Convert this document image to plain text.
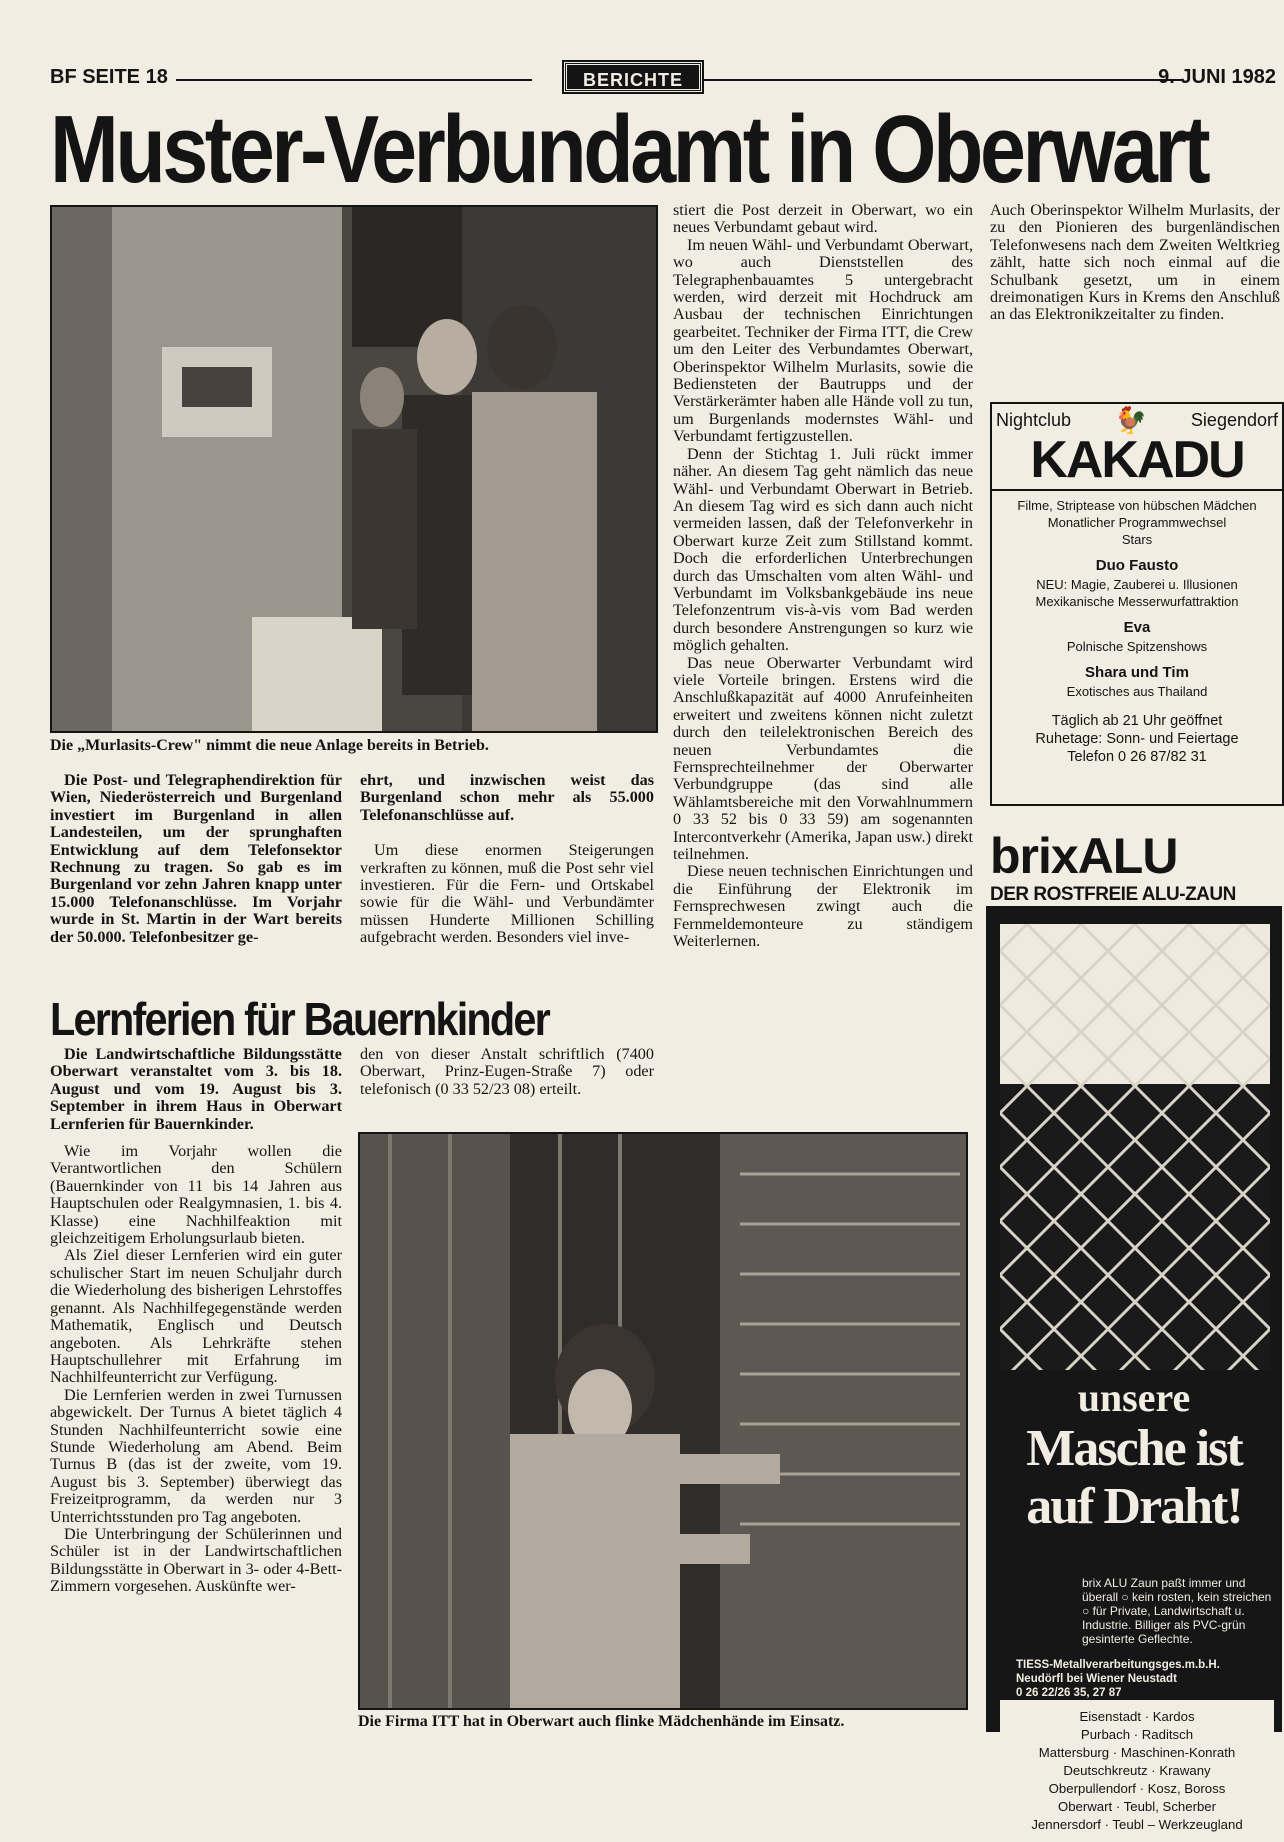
BF SEITE 18	BERICHTE	9. JUNI 1982
Muster-Verbundamt in Oberwart
Die „Murlasits-Crew" nimmt die neue Anlage bereits in Betrieb.

Die Post- und Telegraphendirektion für Wien, Niederösterreich und Burgenland investiert im Burgenland in allen Landesteilen, um der sprunghaften Entwicklung auf dem Telefonsektor Rechnung zu tragen. So gab es im Burgenland vor zehn Jahren knapp unter 15.000 Telefonanschlüsse. Im Vorjahr wurde in St. Martin in der Wart bereits der 50.000. Telefonbesitzer ge-

ehrt, und inzwischen weist das Burgenland schon mehr als 55.000 Telefonanschlüsse auf.

Um diese enormen Steigerungen verkraften zu können, muß die Post sehr viel investieren. Für die Fern- und Ortskabel sowie für die Wähl- und Verbundämter müssen Hunderte Millionen Schilling aufgebracht werden. Besonders viel inve-

stiert die Post derzeit in Oberwart, wo ein neues Verbundamt gebaut wird.

Im neuen Wähl- und Verbundamt Oberwart, wo auch Dienststellen des Telegraphenbauamtes 5 untergebracht werden, wird derzeit mit Hochdruck am Ausbau der technischen Einrichtungen gearbeitet. Techniker der Firma ITT, die Crew um den Leiter des Verbundamtes Oberwart, Oberinspektor Wilhelm Murlasits, sowie die Bediensteten der Bautrupps und der Verstärkerämter haben alle Hände voll zu tun, um Burgenlands modernstes Wähl- und Verbundamt fertigzustellen.

Denn der Stichtag 1. Juli rückt immer näher. An diesem Tag geht nämlich das neue Wähl- und Verbundamt Oberwart in Betrieb. An diesem Tag wird es sich dann auch nicht vermeiden lassen, daß der Telefonverkehr in Oberwart kurze Zeit zum Stillstand kommt. Doch die erforderlichen Unterbrechungen durch das Umschalten vom alten Wähl- und Verbundamt im Volksbankgebäude ins neue Telefonzentrum vis-à-vis vom Bad werden durch besondere Anstrengungen so kurz wie möglich gehalten.

Das neue Oberwarter Verbundamt wird viele Vorteile bringen. Erstens wird die Anschlußkapazität auf 4000 Anrufeinheiten erweitert und zweitens können nicht zuletzt durch den teilelektronischen Bereich des neuen Verbundamtes die Fernsprechteilnehmer der Oberwarter Verbundgruppe (das sind alle Wählamtsbereiche mit den Vorwahlnummern 0 33 52 bis 0 33 59) am sogenannten Intercontverkehr (Amerika, Japan usw.) direkt teilnehmen.

Diese neuen technischen Einrichtungen und die Einführung der Elektronik im Fernsprechwesen zwingt auch die Fernmeldemonteure zu ständigem Weiterlernen.

Auch Oberinspektor Wilhelm Murlasits, der zu den Pionieren des burgenländischen Telefonwesens nach dem Zweiten Weltkrieg zählt, hatte sich noch einmal auf die Schulbank gesetzt, um in einem dreimonatigen Kurs in Krems den Anschluß an das Elektronikzeitalter zu finden.

Lernferien für Bauernkinder

Die Landwirtschaftliche Bildungsstätte Oberwart veranstaltet vom 3. bis 18. August und vom 19. August bis 3. September in ihrem Haus in Oberwart Lernferien für Bauernkinder.

Wie im Vorjahr wollen die Verantwortlichen den Schülern (Bauernkinder von 11 bis 14 Jahren aus Hauptschulen oder Realgymnasien, 1. bis 4. Klasse) eine Nachhilfeaktion mit gleichzeitigem Erholungsurlaub bieten.

Als Ziel dieser Lernferien wird ein guter schulischer Start im neuen Schuljahr durch die Wiederholung des bisherigen Lehrstoffes genannt. Als Nachhilfegegenstände werden Mathematik, Englisch und Deutsch angeboten. Als Lehrkräfte stehen Hauptschullehrer mit Erfahrung im Nachhilfeunterricht zur Verfügung.

Die Lernferien werden in zwei Turnussen abgewickelt. Der Turnus A bietet täglich 4 Stunden Nachhilfeunterricht sowie eine Stunde Wiederholung am Abend. Beim Turnus B (das ist der zweite, vom 19. August bis 3. September) überwiegt das Freizeitprogramm, da werden nur 3 Unterrichtsstunden pro Tag angeboten.

Die Unterbringung der Schülerinnen und Schüler ist in der Landwirtschaftlichen Bildungsstätte in Oberwart in 3- oder 4-Bett-Zimmern vorgesehen. Auskünfte wer-

den von dieser Anstalt schriftlich (7400 Oberwart, Prinz-Eugen-Straße 7) oder telefonisch (0 33 52/23 08) erteilt.

Die Firma ITT hat in Oberwart auch flinke Mädchenhände im Einsatz.
Nightclub 🐓 Siegendorf
KAKADU
Filme, Striptease von hübschen Mädchen
Monatlicher Programmwechsel
Stars
Duo Fausto
NEU: Magie, Zauberei u. Illusionen
Mexikanische Messerwurfattraktion
Eva
Polnische Spitzenshows
Shara und Tim
Exotisches aus Thailand
Täglich ab 21 Uhr geöffnet
Ruhetage: Sonn- und Feiertage
Telefon 0 26 87/82 31
brixALU
DER ROSTFREIE ALU-ZAUN
unsere
Masche ist
auf Draht!
brix ALU Zaun paßt immer und überall ○ kein rosten, kein streichen ○ für Private, Landwirtschaft u. Industrie. Billiger als PVC-grün gesinterte Geflechte.
TIESS-Metallverarbeitungsges.m.b.H.
Neudörfl bei Wiener Neustadt
0 26 22/26 35, 27 87
Eisenstadt · Kardos
Purbach · Raditsch
Mattersburg · Maschinen-Konrath
Deutschkreutz · Krawany
Oberpullendorf · Kosz, Boross
Oberwart · Teubl, Scherber
Jennersdorf · Teubl – Werkzeugland
